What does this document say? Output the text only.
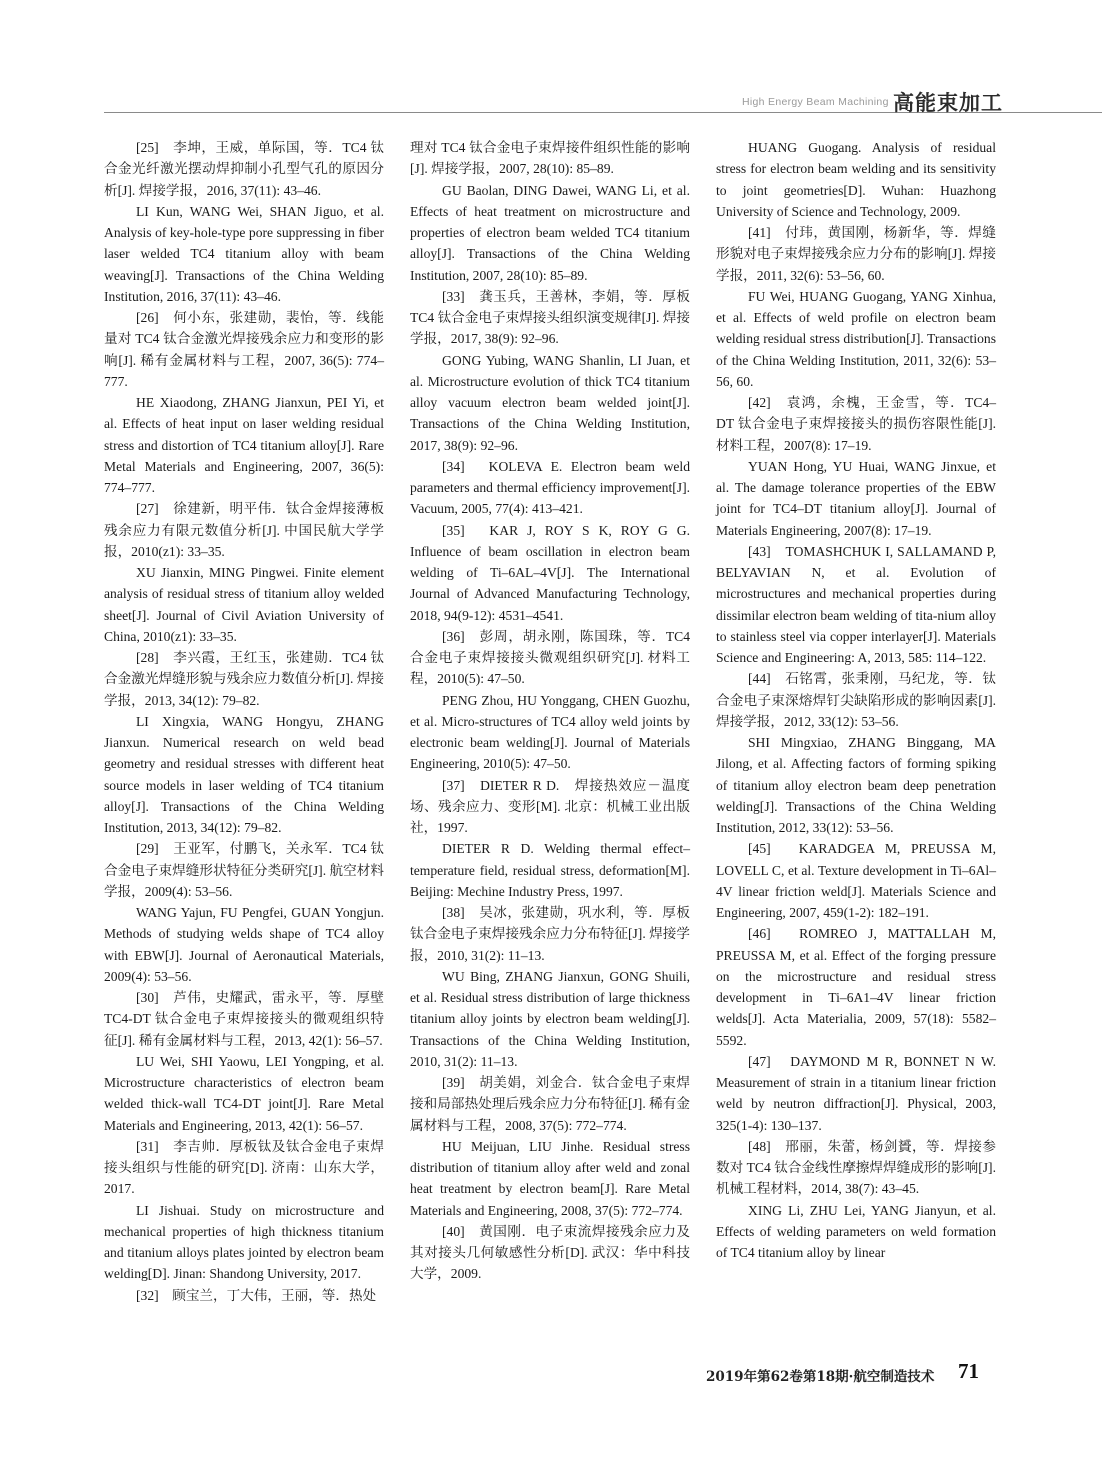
High Energy Beam Machining 高能束加工

[25]　李坤，王威，单际国，等．TC4 钛合金光纤激光摆动焊抑制小孔型气孔的原因分析[J]. 焊接学报，2016, 37(11): 43–46.

LI Kun, WANG Wei, SHAN Jiguo, et al. Analysis of key-hole-type pore suppressing in fiber laser welded TC4 titanium alloy with beam weaving[J]. Transactions of the China Welding Institution, 2016, 37(11): 43–46.

[26]　何小东，张建勋，裴怡，等．线能量对 TC4 钛合金激光焊接残余应力和变形的影响[J]. 稀有金属材料与工程，2007, 36(5): 774–777.

HE Xiaodong, ZHANG Jianxun, PEI Yi, et al. Effects of heat input on laser welding residual stress and distortion of TC4 titanium alloy[J]. Rare Metal Materials and Engineering, 2007, 36(5): 774–777.

[27]　徐建新，明平伟．钛合金焊接薄板残余应力有限元数值分析[J]. 中国民航大学学报，2010(z1): 33–35.

XU Jianxin, MING Pingwei. Finite element analysis of residual stress of titanium alloy welded sheet[J]. Journal of Civil Aviation University of China, 2010(z1): 33–35.

[28]　李兴霞，王红玉，张建勋．TC4 钛合金激光焊缝形貌与残余应力数值分析[J]. 焊接学报，2013, 34(12): 79–82.

LI Xingxia, WANG Hongyu, ZHANG Jianxun. Numerical research on weld bead geometry and residual stresses with different heat source models in laser welding of TC4 titanium alloy[J]. Transactions of the China Welding Institution, 2013, 34(12): 79–82.

[29]　王亚军，付鹏飞，关永军．TC4 钛合金电子束焊缝形状特征分类研究[J]. 航空材料学报，2009(4): 53–56.

WANG Yajun, FU Pengfei, GUAN Yongjun. Methods of studying welds shape of TC4 alloy with EBW[J]. Journal of Aeronautical Materials, 2009(4): 53–56.

[30]　芦伟，史耀武，雷永平，等．厚壁 TC4-DT 钛合金电子束焊接接头的微观组织特征[J]. 稀有金属材料与工程，2013, 42(1): 56–57.

LU Wei, SHI Yaowu, LEI Yongping, et al. Microstructure characteristics of electron beam welded thick-wall TC4-DT joint[J]. Rare Metal Materials and Engineering, 2013, 42(1): 56–57.

[31]　李吉帅．厚板钛及钛合金电子束焊接头组织与性能的研究[D]. 济南：山东大学，2017.

LI Jishuai. Study on microstructure and mechanical properties of high thickness titanium and titanium alloys plates jointed by electron beam welding[D]. Jinan: Shandong University, 2017.

[32]　顾宝兰，丁大伟，王丽，等．热处

理对 TC4 钛合金电子束焊接件组织性能的影响[J]. 焊接学报，2007, 28(10): 85–89.

GU Baolan, DING Dawei, WANG Li, et al. Effects of heat treatment on microstructure and properties of electron beam welded TC4 titanium alloy[J]. Transactions of the China Welding Institution, 2007, 28(10): 85–89.

[33]　龚玉兵，王善林，李娟，等．厚板 TC4 钛合金电子束焊接头组织演变规律[J]. 焊接学报，2017, 38(9): 92–96.

GONG Yubing, WANG Shanlin, LI Juan, et al. Microstructure evolution of thick TC4 titanium alloy vacuum electron beam welded joint[J]. Transactions of the China Welding Institution, 2017, 38(9): 92–96.

[34]　KOLEVA E. Electron beam weld parameters and thermal efficiency improvement[J]. Vacuum, 2005, 77(4): 413–421.

[35]　KAR J, ROY S K, ROY G G. Influence of beam oscillation in electron beam welding of Ti–6AL–4V[J]. The International Journal of Advanced Manufacturing Technology, 2018, 94(9-12): 4531–4541.

[36]　彭周，胡永刚，陈国珠，等．TC4 合金电子束焊接接头微观组织研究[J]. 材料工程，2010(5): 47–50.

PENG Zhou, HU Yonggang, CHEN Guozhu, et al. Micro-structures of TC4 alloy weld joints by electronic beam welding[J]. Journal of Materials Engineering, 2010(5): 47–50.

[37]　DIETER R D.　焊接热效应－温度场、残余应力、变形[M]. 北京：机械工业出版社，1997.

DIETER R D. Welding thermal effect–temperature field, residual stress, deformation[M]. Beijing: Mechine Industry Press, 1997.

[38]　吴冰，张建勋，巩水利，等．厚板钛合金电子束焊接残余应力分布特征[J]. 焊接学报，2010, 31(2): 11–13.

WU Bing, ZHANG Jianxun, GONG Shuili, et al. Residual stress distribution of large thickness titanium alloy joints by electron beam welding[J]. Transactions of the China Welding Institution, 2010, 31(2): 11–13.

[39]　胡美娟，刘金合．钛合金电子束焊接和局部热处理后残余应力分布特征[J]. 稀有金属材料与工程，2008, 37(5): 772–774.

HU Meijuan, LIU Jinhe. Residual stress distribution of titanium alloy after weld and zonal heat treatment by electron beam[J]. Rare Metal Materials and Engineering, 2008, 37(5): 772–774.

[40]　黄国刚．电子束流焊接残余应力及其对接头几何敏感性分析[D]. 武汉：华中科技大学，2009.

HUANG Guogang. Analysis of residual stress for electron beam welding and its sensitivity to joint geometries[D]. Wuhan: Huazhong University of Science and Technology, 2009.

[41]　付玮，黄国刚，杨新华，等．焊缝形貌对电子束焊接残余应力分布的影响[J]. 焊接学报，2011, 32(6): 53–56, 60.

FU Wei, HUANG Guogang, YANG Xinhua, et al. Effects of weld profile on electron beam welding residual stress distribution[J]. Transactions of the China Welding Institution, 2011, 32(6): 53–56, 60.

[42]　袁鸿，余槐，王金雪，等．TC4–DT 钛合金电子束焊接接头的损伤容限性能[J]. 材料工程，2007(8): 17–19.

YUAN Hong, YU Huai, WANG Jinxue, et al. The damage tolerance properties of the EBW joint for TC4–DT titanium alloy[J]. Journal of Materials Engineering, 2007(8): 17–19.

[43]　TOMASHCHUK I, SALLAMAND P, BELYAVIAN N, et al. Evolution of microstructures and mechanical properties during dissimilar electron beam welding of tita-nium alloy to stainless steel via copper interlayer[J]. Materials Science and Engineering: A, 2013, 585: 114–122.

[44]　石铭霄，张秉刚，马纪龙，等．钛合金电子束深熔焊钉尖缺陷形成的影响因素[J]. 焊接学报，2012, 33(12): 53–56.

SHI Mingxiao, ZHANG Binggang, MA Jilong, et al. Affecting factors of forming spiking of titanium alloy electron beam deep penetration welding[J]. Transactions of the China Welding Institution, 2012, 33(12): 53–56.

[45]　KARADGEA M, PREUSSA M, LOVELL C, et al. Texture development in Ti–6Al–4V linear friction weld[J]. Materials Science and Engineering, 2007, 459(1-2): 182–191.

[46]　ROMREO J, MATTALLAH M, PREUSSA M, et al. Effect of the forging pressure on the microstructure and residual stress development in Ti–6A1–4V linear friction welds[J]. Acta Materialia, 2009, 57(18): 5582–5592.

[47]　DAYMOND M R, BONNET N W. Measurement of strain in a titanium linear friction weld by neutron diffraction[J]. Physical, 2003, 325(1-4): 130–137.

[48]　邢丽，朱蕾，杨剑贇，等．焊接参数对 TC4 钛合金线性摩擦焊焊缝成形的影响[J]. 机械工程材料，2014, 38(7): 43–45.

XING Li, ZHU Lei, YANG Jianyun, et al. Effects of welding parameters on weld formation of TC4 titanium alloy by linear

2019年第62卷第18期·航空制造技术 71
